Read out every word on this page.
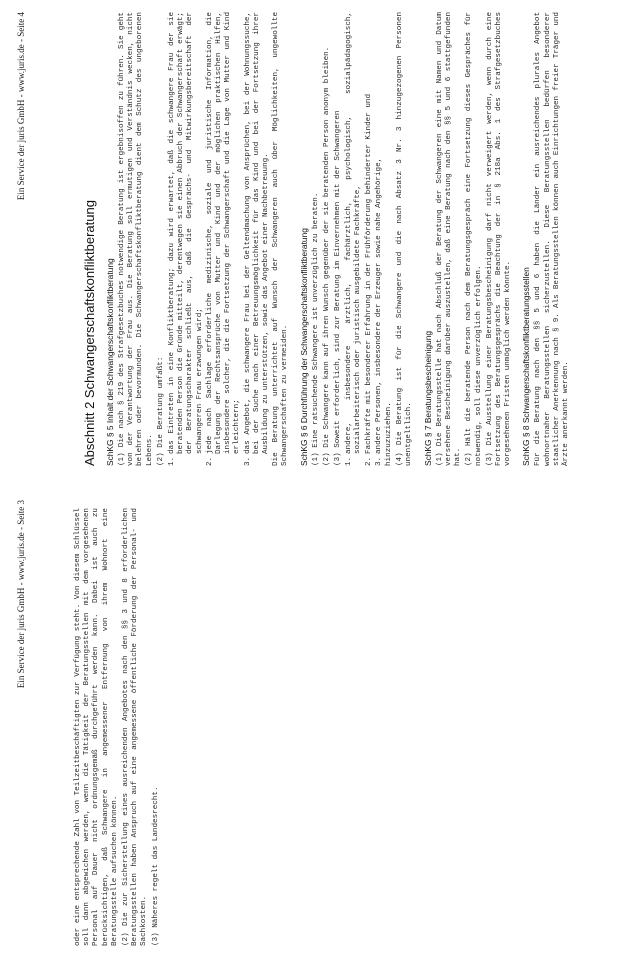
Ein Service der juris GmbH - www.juris.de - Seite 3	oder eine entsprechende Zahl von Teilzeitbeschäftigten zur Verfügung steht. Von diesem Schlüssel soll dann abgewichen werden, wenn die Tätigkeit der Beratungsstellen mit dem vorgesehenen Personal auf Dauer nicht ordnungsgemäß durchgeführt werden kann. Dabei ist auch zu berücksichtigen, daß Schwangere in angemessener Entfernung von ihrem Wohnort eine Beratungsstelle aufsuchen können. (2) Die zur Sicherstellung eines ausreichenden Angebotes nach den §§ 3 und 8 erforderlichen Beratungsstellen haben Anspruch auf eine angemessene öffentliche Förderung der Personal- und Sachkosten. (3) Näheres regelt das Landesrecht.

Ein Service der juris GmbH - www.juris.de - Seite 4
Abschnitt 2 Schwangerschaftskonfliktberatung SchKG § 5 Inhalt der Schwangerschaftskonfliktberatung (1) Die nach § 219 des Strafgesetzbuches notwendige Beratung ist ergebnisoffen zu führen. Sie geht von der Verantwortung der Frau aus. Die Beratung soll ermutigen und Verständnis wecken, nicht belehren oder bevormunden. Die Schwangerschaftskonfliktberatung dient dem Schutz des ungeborenen Lebens. (2) Die Beratung umfaßt: 1.
das Eintreten in eine Konfliktberatung; dazu wird erwartet, daß die schwangere Frau der sie beratenden Person die Gründe mitteilt, derentwegen sie einen Abbruch der Schwangerschaft erwägt; der Beratungscharakter schließt aus, daß die Gesprächs- und Mitwirkungsbereitschaft der schwangeren Frau erzwungen wird;
2.
jede nach Sachlage erforderliche medizinische, soziale und juristische Information, die Darlegung der Rechtsansprüche von Mutter und Kind und der möglichen praktischen Hilfen, insbesondere solcher, die die Fortsetzung der Schwangerschaft und die Lage von Mutter und Kind erleichtern;
3.
das Angebot, die schwangere Frau bei der Geltendmachung von Ansprüchen, bei der Wohnungssuche, bei der Suche nach einer Betreuungsmöglichkeit für das Kind und bei der Fortsetzung ihrer Ausbildung zu unterstützen, sowie das Angebot einer Nachbetreuung. Die Beratung unterrichtet auf Wunsch der Schwangeren auch über Möglichkeiten, ungewollte Schwangerschaften zu vermeiden. SchKG § 6 Durchführung der Schwangerschaftskonfliktberatung (1) Eine ratsuchende Schwangere ist unverzüglich zu beraten. (2) Die Schwangere kann auf ihren Wunsch gegenüber der sie beratenden Person anonym bleiben. (3) Soweit erforderlich, sind zur Beratung im Einvernehmen mit der Schwangeren 1.
andere, insbesondere ärztlich, fachärztlich, psychologisch, sozialpädagogisch, sozialarbeiterisch oder juristisch ausgebildete Fachkräfte,
2.
Fachkräfte mit besonderer Erfahrung in der Frühförderung behinderter Kinder und
3.
andere Personen, insbesondere der Erzeuger sowie nahe Angehörige, hinzuzuziehen. (4) Die Beratung ist für die Schwangere und die nach Absatz 3 Nr. 3 hinzugezogenen Personen unentgeltlich. SchKG § 7 Beratungsbescheinigung (1) Die Beratungsstelle hat nach Abschluß der Beratung der Schwangeren eine mit Namen und Datum versehene Bescheinigung darüber auszustellen, daß eine Beratung nach den §§ 5 und 6 stattgefunden hat. (2) Hält die beratende Person nach dem Beratungsgespräch eine Fortsetzung dieses Gespräches für notwendig, soll diese unverzüglich erfolgen. (3) Die Ausstellung einer Beratungsbescheinigung darf nicht verweigert werden, wenn durch eine Fortsetzung des Beratungsgesprächs die Beachtung der in § 218a Abs. 1 des Strafgesetzbuches vorgesehenen Fristen unmöglich werden könnte. SchKG § 8 Schwangerschaftskonfliktberatungsstellen Für die Beratung nach den §§ 5 und 6 haben die Länder ein ausreichendes plurales Angebot wohnortnaher Beratungsstellen sicherzustellen. Diese Beratungsstellen bedürfen besonderer staatlicher Anerkennung nach § 9. Als Beratungsstellen können auch Einrichtungen freier Träger und Ärzte anerkannt werden.
